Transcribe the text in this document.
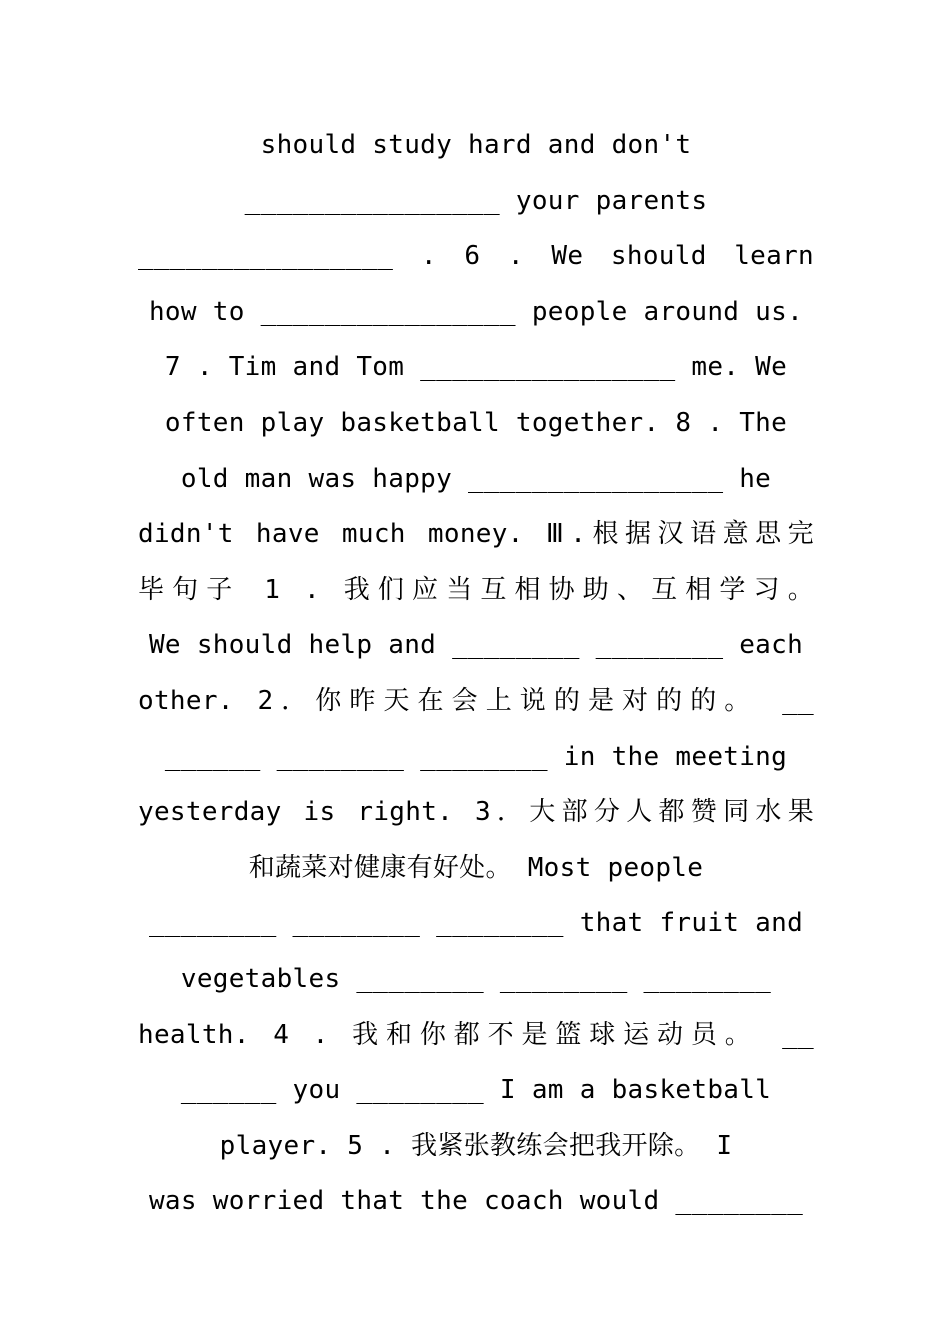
should study hard and don't
________________ your parents
________________ . 6 . We should learn
how to ________________ people around us.
7 . Tim and Tom ________________ me. We
often play basketball together. 8 . The
old man was happy ________________ he
didn't have much money. Ⅲ.根据汉语意思完
毕句子 1 . 我们应当互相协助、互相学习。
We should help and ________ ________ each
other. 2．你昨天在会上说的是对的的。 __
______ ________ ________ in the meeting
yesterday is right. 3．大部分人都赞同水果
和蔬菜对健康有好处。 Most people
________ ________ ________ that fruit and
vegetables ________ ________ ________
health. 4 . 我和你都不是篮球运动员。 __
______ you ________ I am a basketball
player. 5 . 我紧张教练会把我开除。 I
was worried that the coach would ________
